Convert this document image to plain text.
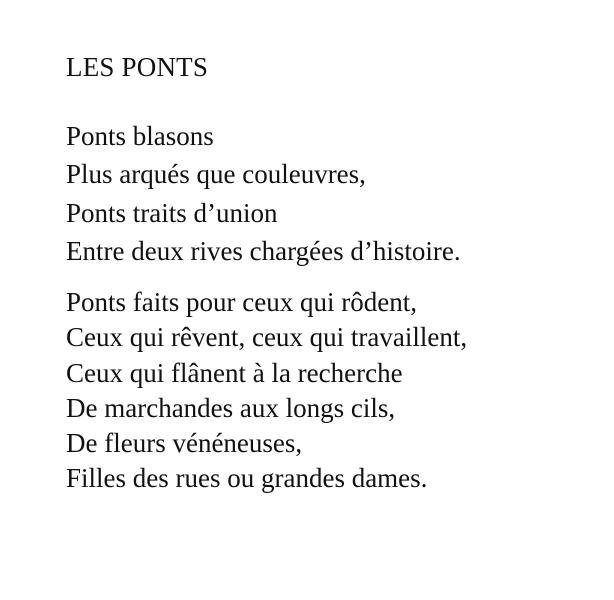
LES PONTS
Ponts blasons
Plus arqués que couleuvres,
Ponts traits d’union
Entre deux rives chargées d’histoire.
Ponts faits pour ceux qui rôdent,
Ceux qui rêvent, ceux qui travaillent,
Ceux qui flânent à la recherche
De marchandes aux longs cils,
De fleurs vénéneuses,
Filles des rues ou grandes dames.
